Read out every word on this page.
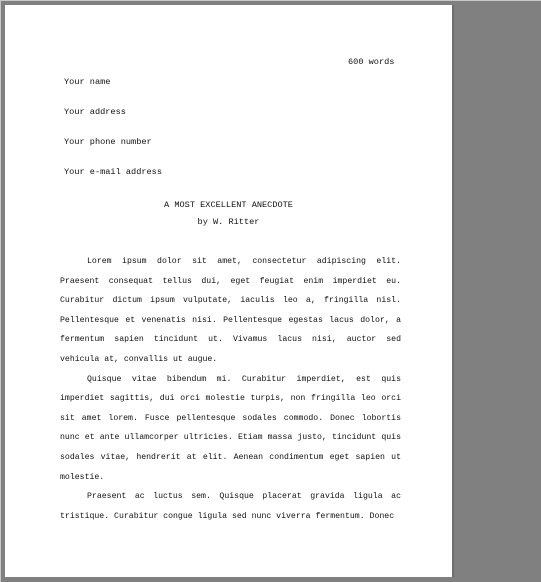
Your name

Your address

Your phone number

Your e-mail address

600 words
A MOST EXCELLENT ANECDOTE
by W. Ritter

Lorem ipsum dolor sit amet, consectetur adipiscing elit. Praesent consequat tellus dui, eget feugiat enim imperdiet eu. Curabitur dictum ipsum vulputate, iaculis leo a, fringilla nisl. Pellentesque et venenatis nisi. Pellentesque egestas lacus dolor, a fermentum sapien tincidunt ut. Vivamus lacus nisi, auctor sed vehicula at, convallis ut augue.

Quisque vitae bibendum mi. Curabitur imperdiet, est quis imperdiet sagittis, dui orci molestie turpis, non fringilla leo orci sit amet lorem. Fusce pellentesque sodales commodo. Donec lobortis nunc et ante ullamcorper ultricies. Etiam massa justo, tincidunt quis sodales vitae, hendrerit at elit. Aenean condimentum eget sapien ut molestie.

Praesent ac luctus sem. Quisque placerat gravida ligula ac tristique. Curabitur congue ligula sed nunc viverra fermentum. Donec
